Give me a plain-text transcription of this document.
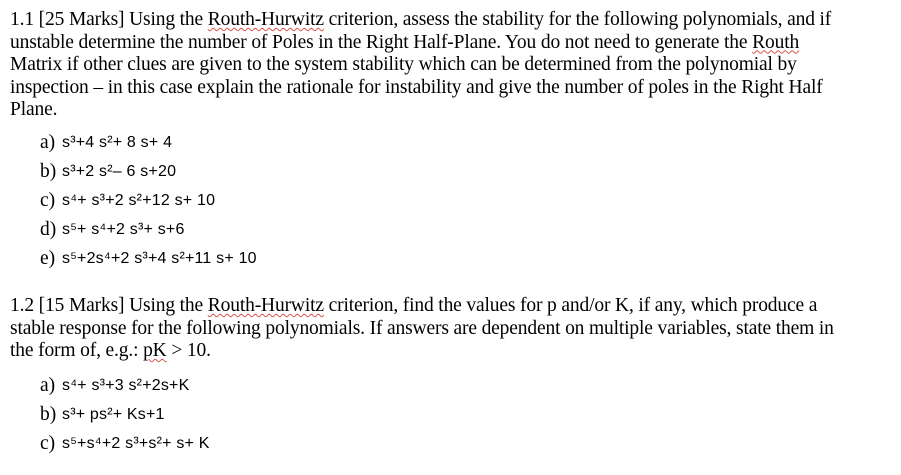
1.1 [25 Marks] Using the Routh-Hurwitz criterion, assess the stability for the following polynomials, and if unstable determine the number of Poles in the Right Half-Plane. You do not need to generate the Routh Matrix if other clues are given to the system stability which can be determined from the polynomial by inspection – in this case explain the rationale for instability and give the number of poles in the Right Half Plane.

a) s³+4 s²+ 8 s+ 4
b) s³+2 s²– 6 s+20
c) s⁴+ s³+2 s²+12 s+ 10
d) s⁵+ s⁴+2 s³+ s+6
e) s⁵+2s⁴+2 s³+4 s²+11 s+ 10

1.2 [15 Marks] Using the Routh-Hurwitz criterion, find the values for p and/or K, if any, which produce a stable response for the following polynomials. If answers are dependent on multiple variables, state them in the form of, e.g.: pK > 10.

a) s⁴+ s³+3 s²+2s+K
b) s³+ ps²+ Ks+1
c) s⁵+s⁴+2 s³+s²+ s+ K
